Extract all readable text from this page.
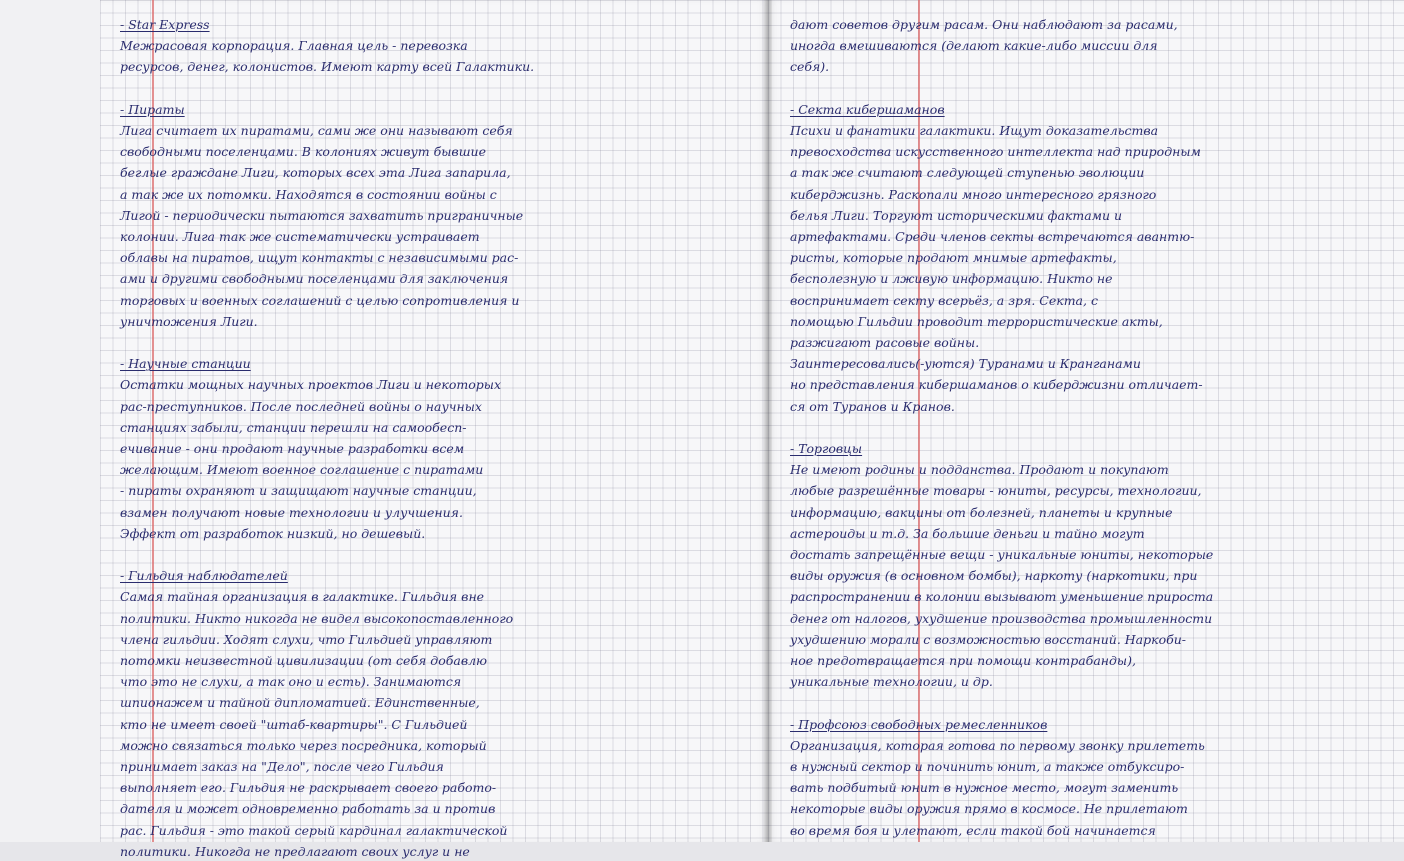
- Star Express
Межрасовая корпорация. Главная цель - перевозка
ресурсов, денег, колонистов. Имеют карту всей Галактики.
- Пираты
Лига считает их пиратами, сами же они называют себя
свободными поселенцами. В колониях живут бывшие
беглые граждане Лиги, которых всех эта Лига запарила,
а так же их потомки. Находятся в состоянии войны с
Лигой - периодически пытаются захватить приграничные
колонии. Лига так же систематически устраивает
облавы на пиратов, ищут контакты с независимыми рас-
ами и другими свободными поселенцами для заключения
торговых и военных соглашений с целью сопротивления и
уничтожения Лиги.
- Научные станции
Остатки мощных научных проектов Лиги и некоторых
рас-преступников. После последней войны о научных
станциях забыли, станции перешли на самообесп-
ечивание - они продают научные разработки всем
желающим. Имеют военное соглашение с пиратами
- пираты охраняют и защищают научные станции,
взамен получают новые технологии и улучшения.
Эффект от разработок низкий, но дешевый.
- Гильдия наблюдателей
Самая тайная организация в галактике. Гильдия вне
политики. Никто никогда не видел высокопоставленного
члена гильдии. Ходят слухи, что Гильдией управляют
потомки неизвестной цивилизации (от себя добавлю
что это не слухи, а так оно и есть). Занимаются
шпионажем и тайной дипломатией. Единственные,
кто не имеет своей "штаб-квартиры". С Гильдией
можно связаться только через посредника, который
принимает заказ на "Дело", после чего Гильдия
выполняет его. Гильдия не раскрывает своего работо-
дателя и может одновременно работать за и против
рас. Гильдия - это такой серый кардинал галактической
политики. Никогда не предлагают своих услуг и не
дают советов другим расам. Они наблюдают за расами,
иногда вмешиваются (делают какие-либо миссии для
себя).
- Секта кибершаманов
Психи и фанатики галактики. Ищут доказательства
превосходства искусственного интеллекта над природным
а так же считают следующей ступенью эволюции
киберджизнь. Раскопали много интересного грязного
белья Лиги. Торгуют историческими фактами и
артефактами. Среди членов секты встречаются авантю-
ристы, которые продают мнимые артефакты,
бесполезную и лживую информацию. Никто не
воспринимает секту всерьёз, а зря. Секта, с
помощью Гильдии проводит террористические акты,
разжигают расовые войны.
Заинтересовались(-уются) Туранами и Кранганами
но представления кибершаманов о киберджизни отличает-
ся от Туранов и Кранов.
- Торговцы
Не имеют родины и подданства. Продают и покупают
любые разрешённые товары - юниты, ресурсы, технологии,
информацию, вакцины от болезней, планеты и крупные
астероиды и т.д. За большие деньги и тайно могут
достать запрещённые вещи - уникальные юниты, некоторые
виды оружия (в основном бомбы), наркоту (наркотики, при
распространении в колонии вызывают уменьшение прироста
денег от налогов, ухудшение производства промышленности
ухудшению морали с возможностью восстаний. Наркоби-
ное предотвращается при помощи контрабанды),
уникальные технологии, и др.
- Профсоюз свободных ремесленников
Организация, которая готова по первому звонку прилететь
в нужный сектор и починить юнит, а также отбуксиро-
вать подбитый юнит в нужное место, могут заменить
некоторые виды оружия прямо в космосе. Не прилетают
во время боя и улетают, если такой бой начинается
